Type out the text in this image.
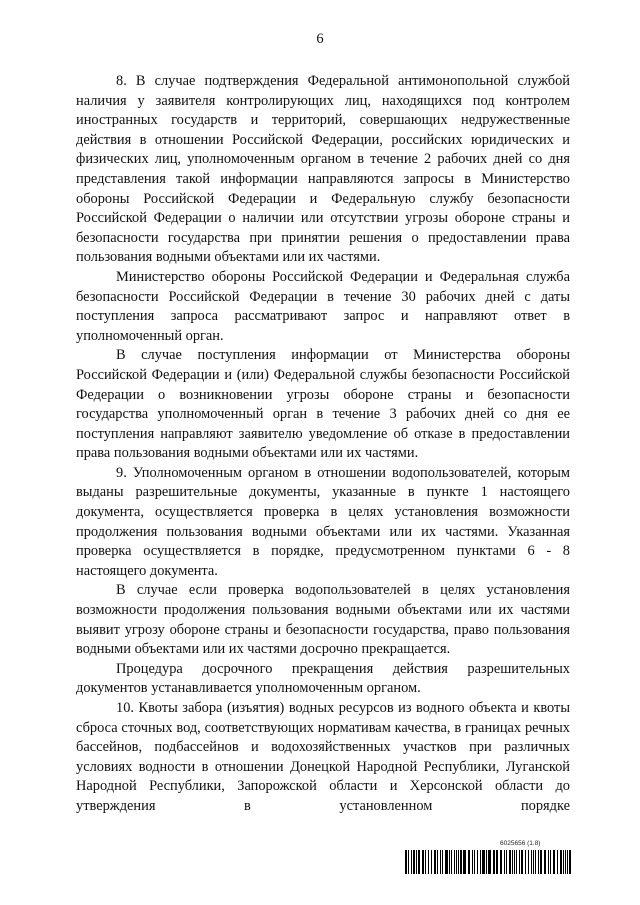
6

8. В случае подтверждения Федеральной антимонопольной службой наличия у заявителя контролирующих лиц, находящихся под контролем иностранных государств и территорий, совершающих недружественные действия в отношении Российской Федерации, российских юридических и физических лиц, уполномоченным органом в течение 2 рабочих дней со дня представления такой информации направляются запросы в Министерство обороны Российской Федерации и Федеральную службу безопасности Российской Федерации о наличии или отсутствии угрозы обороне страны и безопасности государства при принятии решения о предоставлении права пользования водными объектами или их частями.

Министерство обороны Российской Федерации и Федеральная служба безопасности Российской Федерации в течение 30 рабочих дней с даты поступления запроса рассматривают запрос и направляют ответ в уполномоченный орган.

В случае поступления информации от Министерства обороны Российской Федерации и (или) Федеральной службы безопасности Российской Федерации о возникновении угрозы обороне страны и безопасности государства уполномоченный орган в течение 3 рабочих дней со дня ее поступления направляют заявителю уведомление об отказе в предоставлении права пользования водными объектами или их частями.

9. Уполномоченным органом в отношении водопользователей, которым выданы разрешительные документы, указанные в пункте 1 настоящего документа, осуществляется проверка в целях установления возможности продолжения пользования водными объектами или их частями. Указанная проверка осуществляется в порядке, предусмотренном пунктами 6 - 8 настоящего документа.

В случае если проверка водопользователей в целях установления возможности продолжения пользования водными объектами или их частями выявит угрозу обороне страны и безопасности государства, право пользования водными объектами или их частями досрочно прекращается.

Процедура досрочного прекращения действия разрешительных документов устанавливается уполномоченным органом.

10. Квоты забора (изъятия) водных ресурсов из водного объекта и квоты сброса сточных вод, соответствующих нормативам качества, в границах речных бассейнов, подбассейнов и водохозяйственных участков при различных условиях водности в отношении Донецкой Народной Республики, Луганской Народной Республики, Запорожской области и Херсонской области до утверждения в установленном порядке

6025656 (1.8)
